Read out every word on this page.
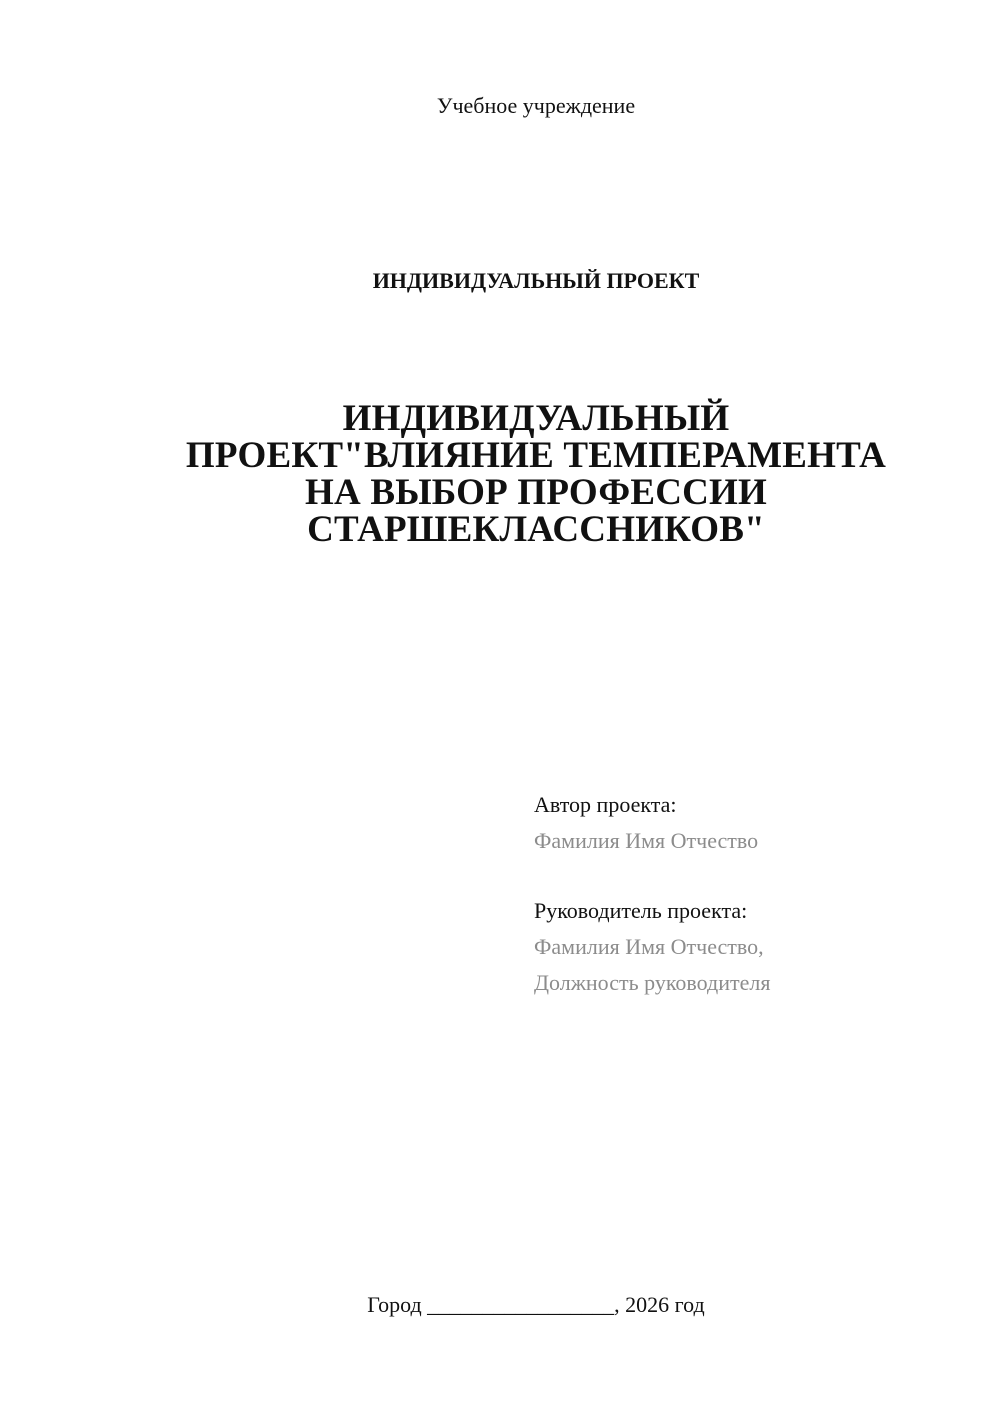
Учебное учреждение
ИНДИВИДУАЛЬНЫЙ ПРОЕКТ
ИНДИВИДУАЛЬНЫЙ
ПРОЕКТ"ВЛИЯНИЕ ТЕМПЕРАМЕНТА
НА ВЫБОР ПРОФЕССИИ
СТАРШЕКЛАССНИКОВ"
Автор проекта:
Фамилия Имя Отчество
Руководитель проекта:
Фамилия Имя Отчество,
Должность руководителя
Город _________________, 2026 год
